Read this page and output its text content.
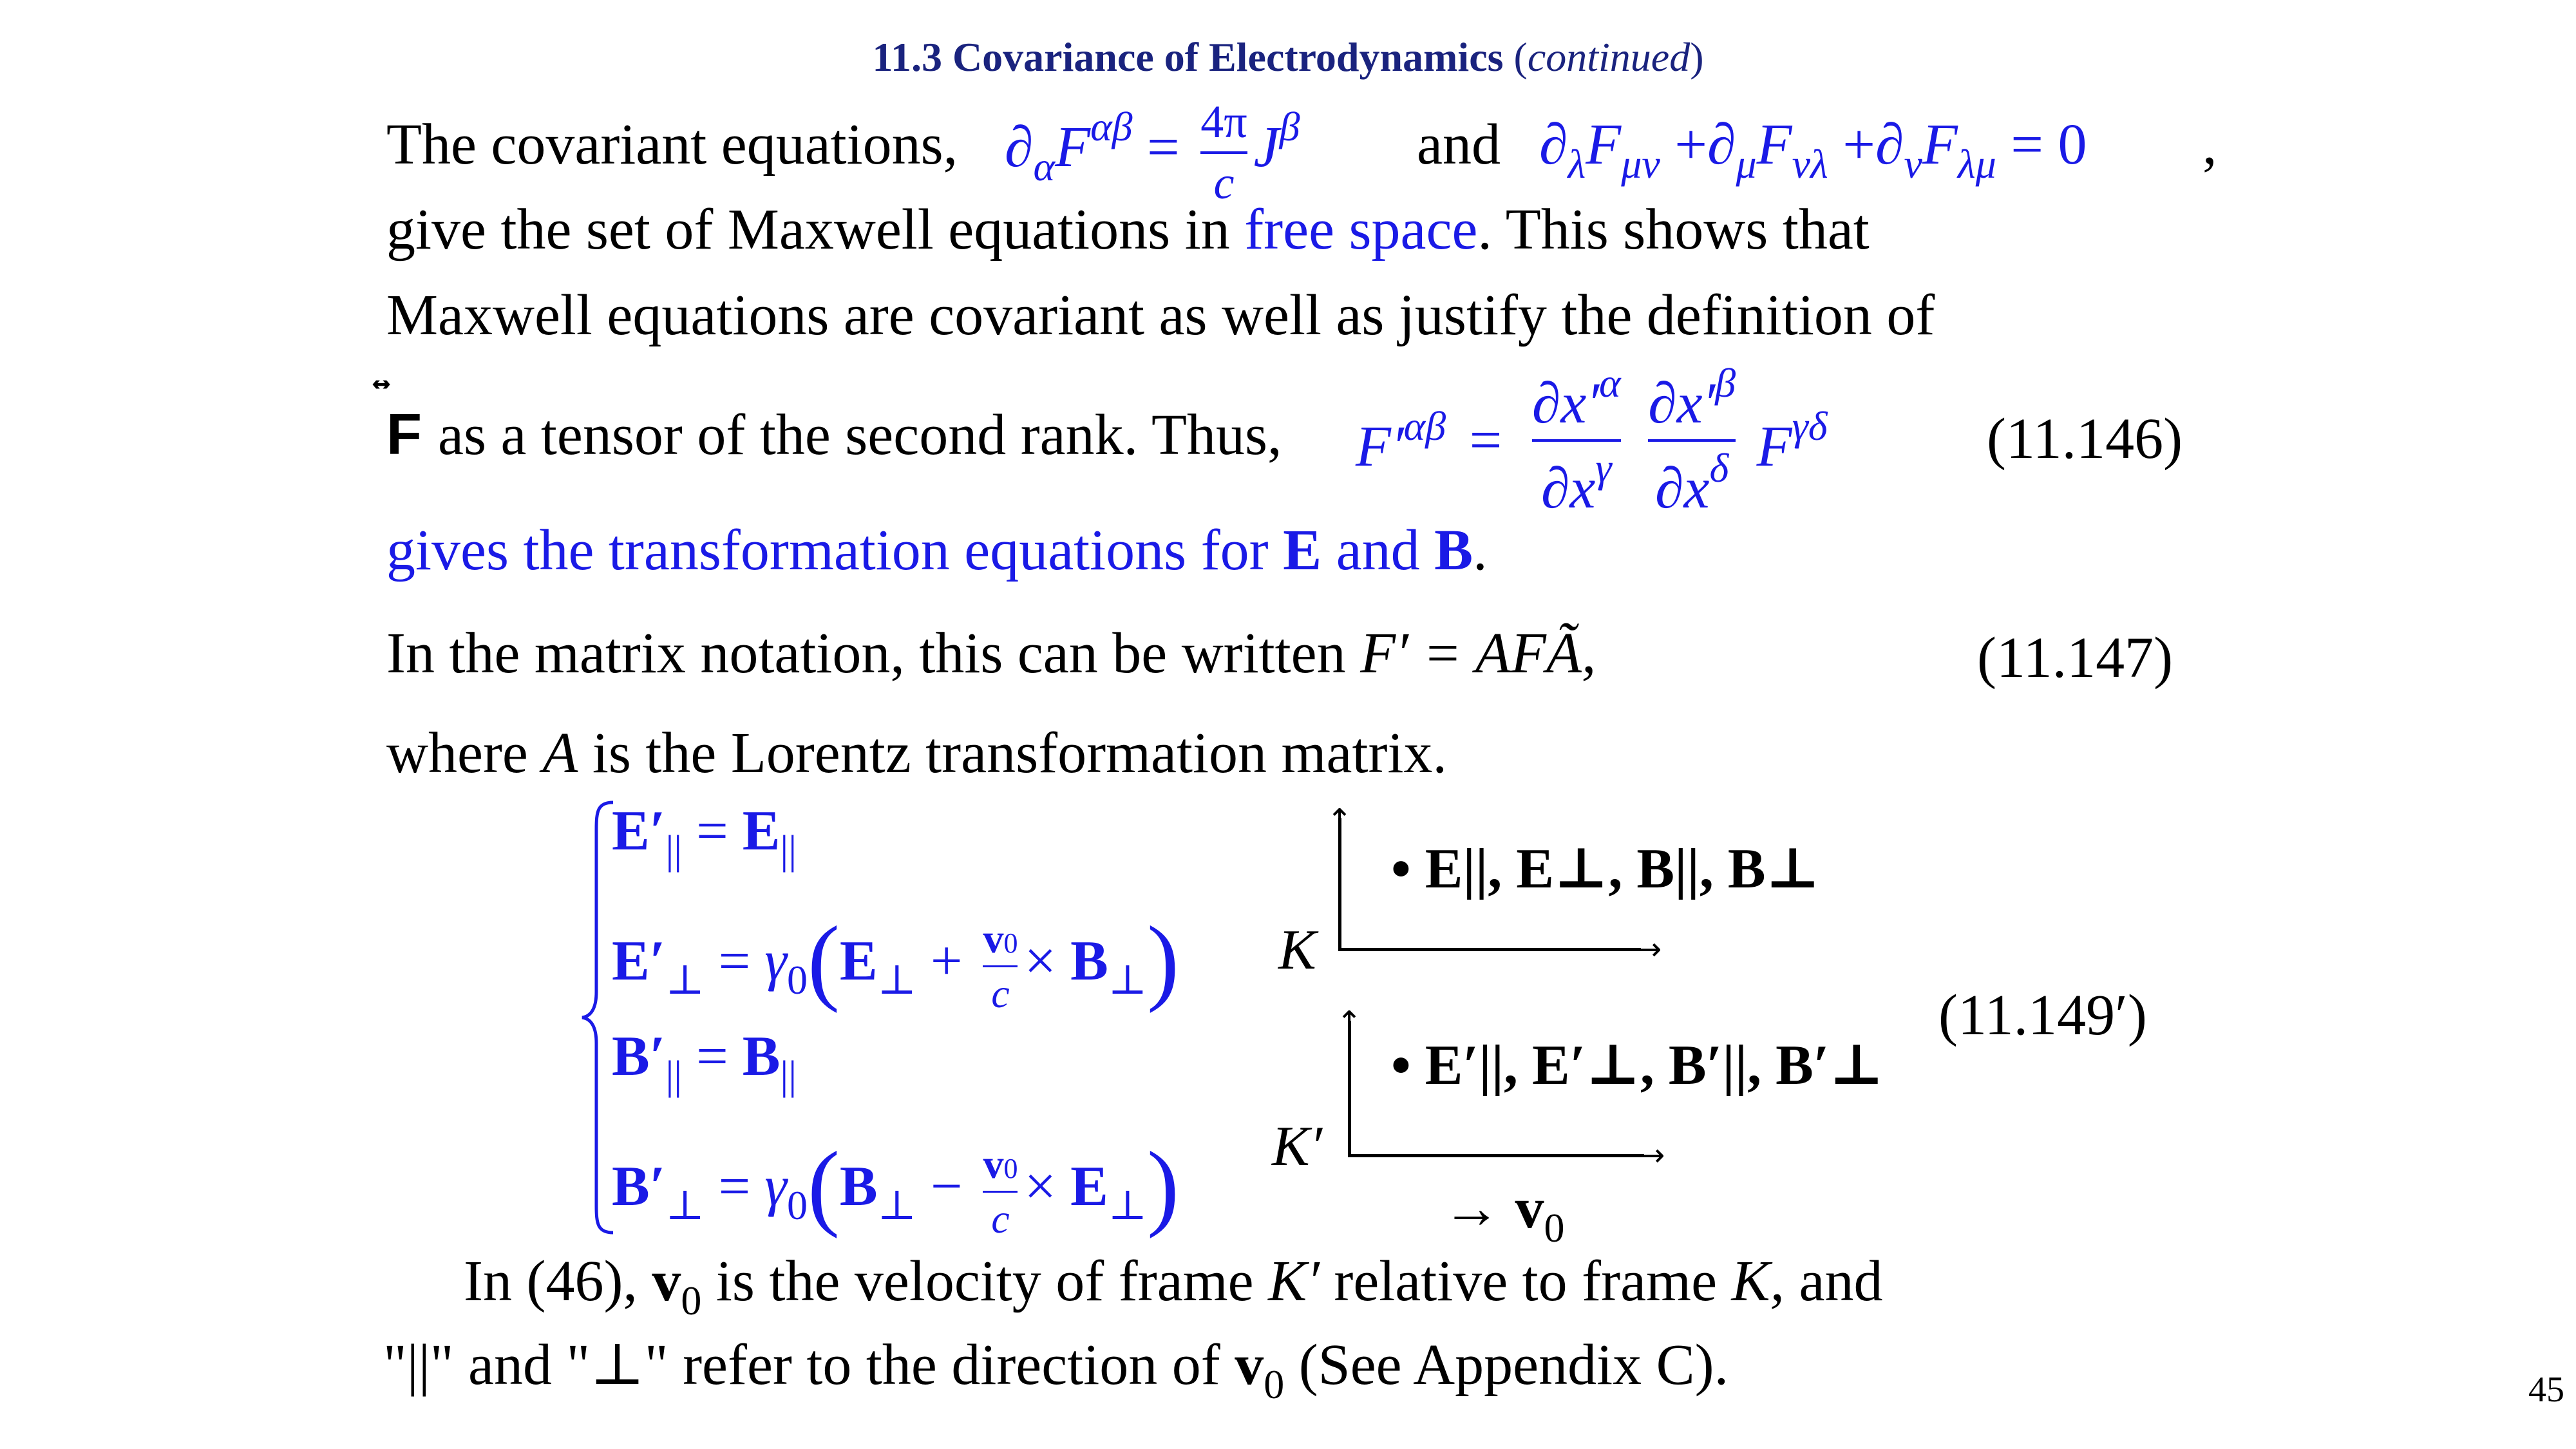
11.3 Covariance of Electrodynamics (continued)
The covariant equations, $\partial_\alpha F^{\alpha\beta} = \frac{4\pi}{c} J^\beta$ and $\partial_\lambda F_{\mu\nu} +\partial_\mu F_{\nu\lambda} +\partial_\nu F_{\lambda\mu} = 0$ ,
give the set of Maxwell equations in free space. This shows that
Maxwell equations are covariant as well as justify the definition of
F as a tensor of the second rank. Thus, $F'^{\alpha\beta} = \frac{\partial x'^\alpha}{\partial x^\gamma}$
$\frac{\partial x'^\beta}{\partial x^\delta} F^{\gamma\delta}$	(11.146)
gives the transformation equations for E and B.
In the matrix notation, this can be written F′ = AFÃ,	(11.147)
where A is the Lorentz transformation matrix.
$E'_{||} = E_{||}$
$E'_\perp = \gamma_0(E_\perp + \frac{v0}{c} \times B_\perp)$
$B'_{||} = B_{||}$
$B'_\perp = \gamma_0(B_\perp - \frac{v0}{c} \times E_\perp)$
↑
→
K
• E||, E⊥, B||, B⊥
↑
→
K′
• E′||, E′⊥, B′||, B′⊥
→ $v_0$
(11.149′)
In (46), $v_0$ is the velocity of frame K′ relative to frame K, and
"||" and "⊥" refer to the direction of $v_0$ (See Appendix C).	45
